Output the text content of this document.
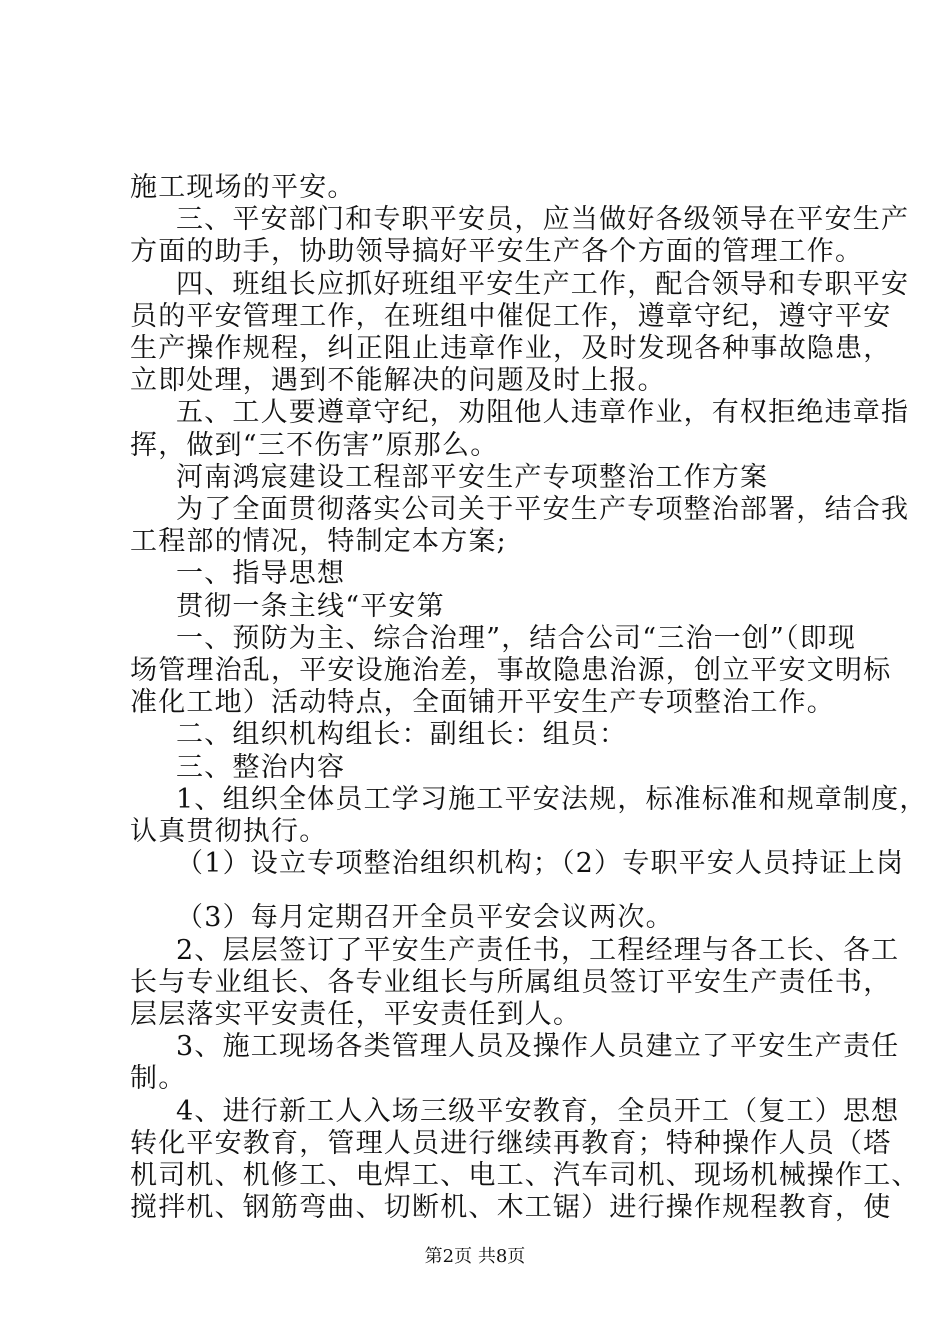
施工现场的平安。
三、平安部门和专职平安员，应当做好各级领导在平安生产
方面的助手，协助领导搞好平安生产各个方面的管理工作。
四、班组长应抓好班组平安生产工作，配合领导和专职平安
员的平安管理工作，在班组中催促工作，遵章守纪，遵守平安
生产操作规程，纠正阻止违章作业，及时发现各种事故隐患，
立即处理，遇到不能解决的问题及时上报。
五、工人要遵章守纪，劝阻他人违章作业，有权拒绝违章指
挥，做到“三不伤害”原那么。
河南鸿宸建设工程部平安生产专项整治工作方案
为了全面贯彻落实公司关于平安生产专项整治部署，结合我
工程部的情况，特制定本方案;
一、指导思想
贯彻一条主线“平安第
一、预防为主、综合治理”，结合公司“三治一创”（即现
场管理治乱，平安设施治差，事故隐患治源，创立平安文明标
准化工地）活动特点，全面铺开平安生产专项整治工作。
二、组织机构组长：副组长：组员：
三、整治内容
1、组织全体员工学习施工平安法规，标准标准和规章制度，
认真贯彻执行。
（1）设立专项整治组织机构；（2）专职平安人员持证上岗
（3）每月定期召开全员平安会议两次。
2、层层签订了平安生产责任书，工程经理与各工长、各工
长与专业组长、各专业组长与所属组员签订平安生产责任书，
层层落实平安责任，平安责任到人。
3、施工现场各类管理人员及操作人员建立了平安生产责任
制。
4、进行新工人入场三级平安教育，全员开工（复工）思想
转化平安教育，管理人员进行继续再教育；特种操作人员（塔
机司机、机修工、电焊工、电工、汽车司机、现场机械操作工、
搅拌机、钢筋弯曲、切断机、木工锯）进行操作规程教育，使
第2页 共8页
